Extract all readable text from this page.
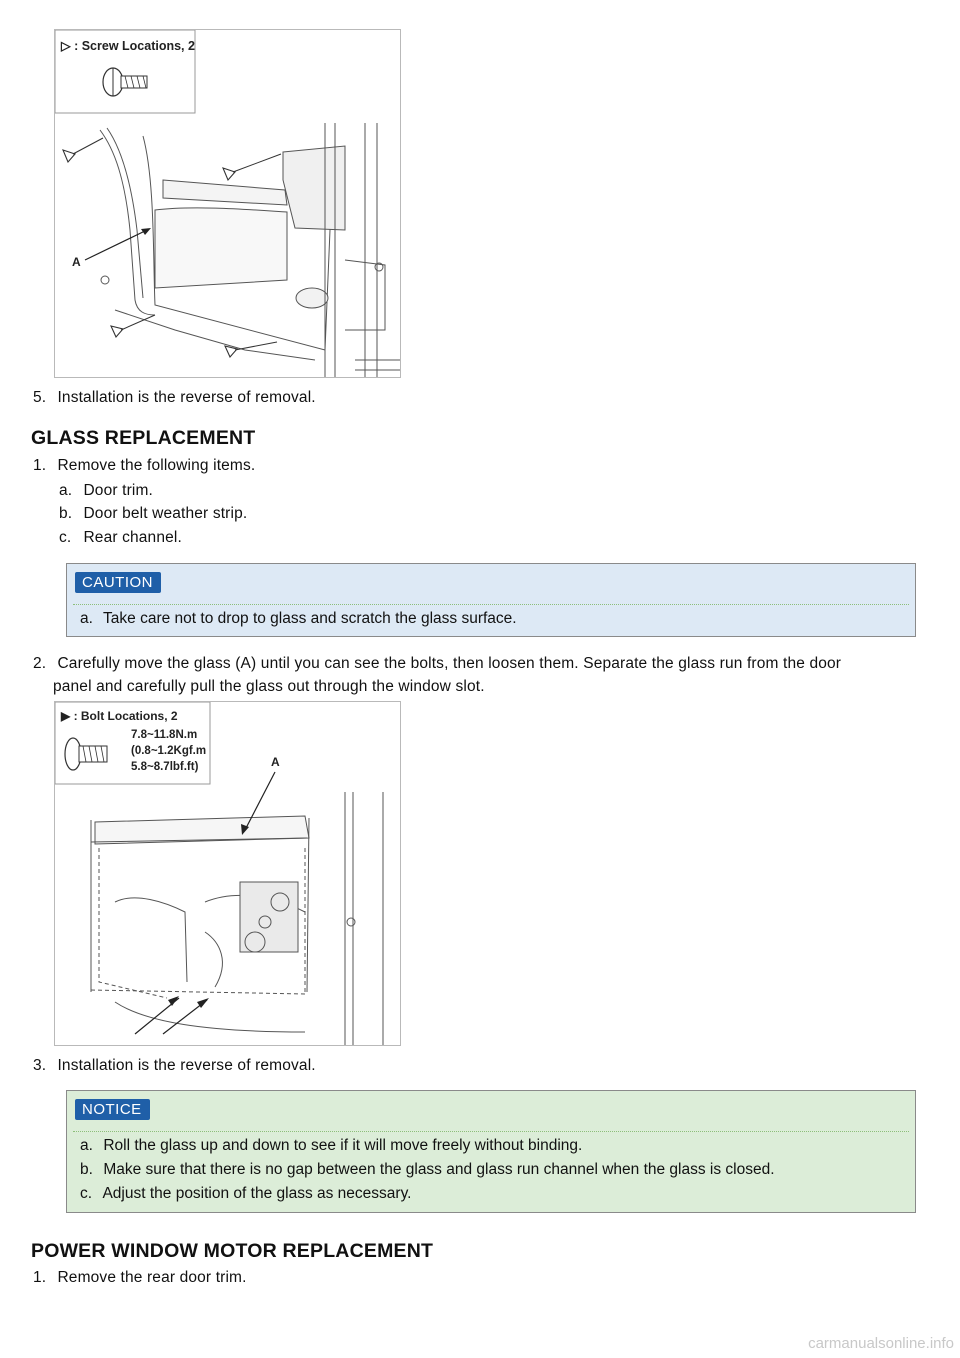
▷ : Screw Locations, 2
A
5. Installation is the reverse of removal.
GLASS REPLACEMENT
1. Remove the following items.
a. Door trim.
b. Door belt weather strip.
c. Rear channel.
CAUTION
a. Take care not to drop to glass and scratch the glass surface.
2. Carefully move the glass (A) until you can see the bolts, then loosen them. Separate the glass run from the door
panel and carefully pull the glass out through the window slot.
▶ : Bolt Locations, 2
7.8~11.8N.m
(0.8~1.2Kgf.m
5.8~8.7lbf.ft)	A
3. Installation is the reverse of removal.
NOTICE
a. Roll the glass up and down to see if it will move freely without binding.
b. Make sure that there is no gap between the glass and glass run channel when the glass is closed.
c. Adjust the position of the glass as necessary.
POWER WINDOW MOTOR REPLACEMENT
1. Remove the rear door trim.
carmanualsonline.info
